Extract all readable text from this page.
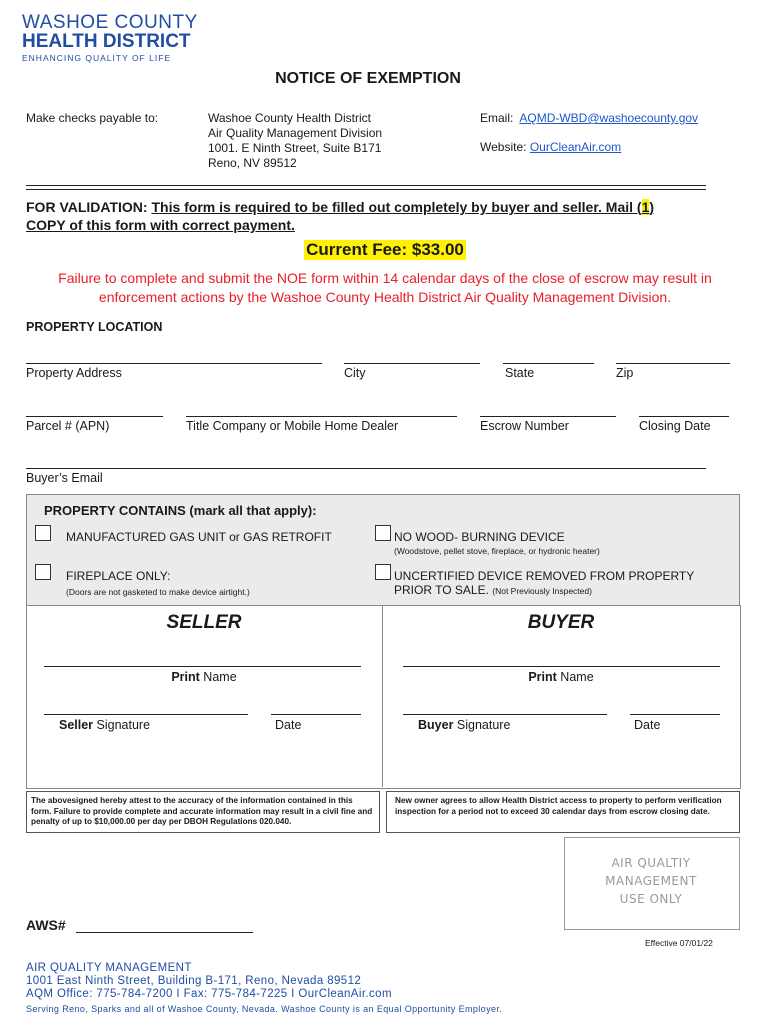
WASHOE COUNTY
HEALTH DISTRICT
ENHANCING QUALITY OF LIFE
NOTICE OF EXEMPTION
Make checks payable to:	Washoe County Health District
Air Quality Management Division
1001. E Ninth Street, Suite B171
Reno, NV 89512
Email: AQMD-WBD@washoecounty.gov
Website: OurCleanAir.com
FOR VALIDATION: This form is required to be filled out completely by buyer and seller. Mail (1)
COPY of this form with correct payment.
Current Fee: $33.00
Failure to complete and submit the NOE form within 14 calendar days of the close of escrow may result in enforcement actions by the Washoe County Health District Air Quality Management Division.
PROPERTY LOCATION
Property Address	City	State	Zip
Parcel # (APN)	Title Company or Mobile Home Dealer	Escrow Number	Closing Date
Buyer’s Email
PROPERTY CONTAINS (mark all that apply):
MANUFACTURED GAS UNIT or GAS RETROFIT	NO WOOD- BURNING DEVICE
(Woodstove, pellet stove, fireplace, or hydronic heater)
FIREPLACE ONLY:
(Doors are not gasketed to make device airtight.)
UNCERTIFIED DEVICE REMOVED FROM PROPERTY
PRIOR TO SALE. (Not Previously Inspected)
SELLER
Print Name
Seller Signature	Date
BUYER
Print Name
Buyer Signature	Date
The abovesigned hereby attest to the accuracy of the information contained in this form. Failure to provide complete and accurate information may result in a civil fine and penalty of up to $10,000.00 per day per DBOH Regulations 020.040.
New owner agrees to allow Health District access to property to perform verification inspection for a period not to exceed 30 calendar days from escrow closing date.
AIR QUALTIY
MANAGEMENT
USE ONLY
AWS#
Effective 07/01/22
AIR QUALITY MANAGEMENT
1001 East Ninth Street, Building B-171, Reno, Nevada 89512
AQM Office: 775-784-7200 I Fax: 775-784-7225 I OurCleanAir.com
Serving Reno, Sparks and all of Washoe County, Nevada. Washoe County is an Equal Opportunity Employer.
